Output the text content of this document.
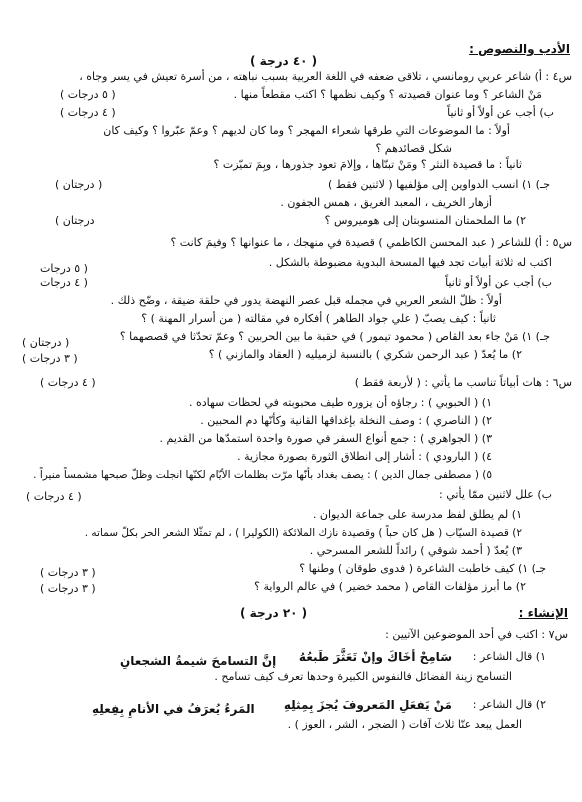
الأدب والنصوص :
( ٤٠ درجة )
س٤ : أ) شاعر عربي رومانسي ، تلاقى ضعفه في اللغة العربية بسبب نباهته ، من أسرة تعيش في يسر وجاه ،
مَنْ الشاعر ؟ وما عنوان قصيدته ؟ وكيف نظمها ؟ اكتب مقطعاً منها .
( ٥ درجات )
ب) أجب عن أولاً أو ثانياً
( ٤ درجات )
أولاً : ما الموضوعات التي طرقها شعراء المهجر ؟ وما كان لديهم ؟ وعمّ عبّروا ؟ وكيف كان
شكل قصائدهم ؟
ثانياً : ما قصيدة النثر ؟ ومَنْ تبنّاها ، وإلامَ تعود جذورها ، وبِمَ تميّزت ؟
جـ) ١) انسب الدواوين إلى مؤلفيها ( لاثنين فقط )
( درجتان )
أزهار الخريف ، المعبد الغريق ، همس الجفون .
٢) ما الملحمتان المنسوبتان إلى هوميروس ؟
درجتان )
س٥ : أ) للشاعر ( عبد المحسن الكاظمي ) قصيدة في منهجك ، ما عنوانها ؟ وفيمَ كانت ؟
اكتب له ثلاثة أبيات تجد فيها المسحة البدوية مضبوطة بالشكل .
( ٥ درجات
ب) أجب عن أولاً أو ثانياً
( ٤ درجات
أولاً : ظلّ الشعر العربي في مجمله قبل عصر النهضة يدور في حلقة ضيقة ، وضّح ذلك .
ثانياً : كيف يصبّ ( علي جواد الطاهر ) أفكاره في مقالته ( من أسرار المهنة ) ؟
جـ) ١) مَنْ جاء بعد القاص ( محمود تيمور ) في حقبة ما بين الحربين ؟ وعمّ تحدّثا في قصصهما ؟
( درجتان )
٢) ما يُعدّ ( عبد الرحمن شكري ) بالنسبة لزميليه ( العقاد والمازني ) ؟
( ٣ درجات )
س٦ : هات أبياتاً تناسب ما يأتي : ( لأربعة فقط )
( ٤ درجات )
١) ( الحبوبي ) : رجاؤه أن يزوره طيف محبوبته في لحظات سهاده .
٢) ( الناصري ) : وصف النخلة بإغداقها القانية وكأنّها دم المحبين .
٣) ( الجواهري ) : جمع أنواع السفر في صورة واحدة استمدّها من القديم .
٤) ( البارودي ) : أشار إلى انطلاق الثورة بصورة مجازية .
٥) ( مصطفى جمال الدين ) : يصف بغداد بأنّها مرّت بظلمات الأيّام لكنّها انجلت وظلّ صبحها مشمساً منيراً .
ب) علل لاثنين ممّا يأتي :
( ٤ درجات )
١) لم يطلق لفظ مدرسة على جماعة الديوان .
٢) قصيدة السيّاب ( هل كان حباً ) وقصيدة نازك الملائكة (الكوليرا ) ، لم تمثّلا الشعر الحر بكلّ سماته .
٣) يُعدّ ( أحمد شوقي ) رائداً للشعر المسرحي .
جـ) ١) كيف خاطبت الشاعرة ( فدوى طوقان ) وطنها ؟
( ٣ درجات )
٢) ما أبرز مؤلفات القاص ( محمد خضير ) في عالم الرواية ؟
( ٣ درجات )
الإنشاء :
( ٢٠ درجة )
س٧ : اكتب في أحد الموضوعين الآتيين :
١) قال الشاعر :
سَامِحْ أخَاكَ وإنْ تَعَثَّرَ طَبعُهُ
إنَّ التسامحَ شيمةُ الشجعانِ
التسامح زينة الفضائل فالنفوس الكبيرة وحدها تعرف كيف تسامح .
٢) قال الشاعر :
مَنْ يَفعَلِ المَعروفَ يُجزَ بِمِثلِهِ
المَرءُ يُعرَفُ في الأنامِ بِفِعلِهِ
العمل يبعد عنّا ثلاث آفات ( الضجر ، الشر ، العوز ) .
